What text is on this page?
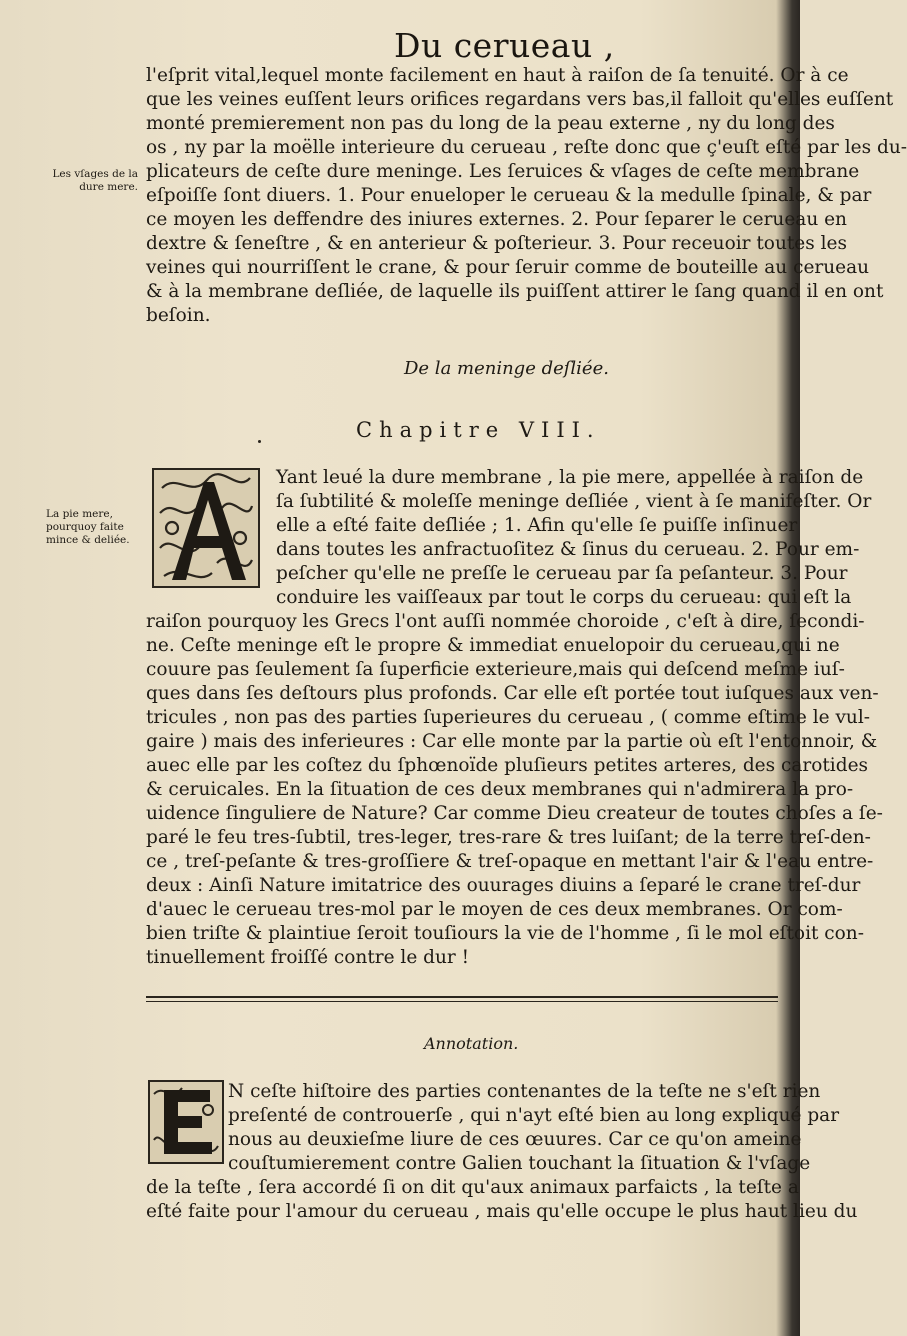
Du cerueau ,
Les vſages de la dure mere.
La pie mere, pourquoy faite mince & deliée.
l'eſprit vital,lequel monte facilement en haut à raiſon de ſa tenuité. Or à ce
que les veines euſſent leurs orifices regardans vers bas,il falloit qu'elles euſſent
monté premierement non pas du long de la peau externe , ny du long des
os , ny par la moëlle interieure du cerueau , reſte donc que ç'euſt eſté par les du-
plicateurs de ceſte dure meninge. Les ſeruices & vſages de ceſte membrane
eſpoiſſe ſont diuers. 1. Pour enueloper le cerueau & la medulle ſpinale, & par
ce moyen les deffendre des iniures externes. 2. Pour ſeparer le cerueau en
dextre & ſeneſtre , & en anterieur & poſterieur. 3. Pour receuoir toutes les
veines qui nourriſſent le crane, & pour ſeruir comme de bouteille au cerueau
& à la membrane deſliée, de laquelle ils puiſſent attirer le ſang quand il en ont
beſoin.
De la meninge deſliée.
Chapitre VIII.
Yant leué la dure membrane , la pie mere, appellée à raiſon de
ſa ſubtilité & moleſſe meninge deſliée , vient à ſe manifeſter. Or
elle a eſté faite deſliée ; 1. Afin qu'elle ſe puiſſe inſinuer
dans toutes les anfractuoſitez & ſinus du cerueau. 2. Pour em-
peſcher qu'elle ne preſſe le cerueau par ſa peſanteur. 3. Pour
conduire les vaiſſeaux par tout le corps du cerueau: qui eſt la
raiſon pourquoy les Grecs l'ont auſſi nommée choroide , c'eſt à dire, ſecondi-
ne. Ceſte meninge eſt le propre & immediat enuelopoir du cerueau,qui ne
couure pas ſeulement ſa ſuperficie exterieure,mais qui deſcend meſme iuſ-
ques dans ſes deſtours plus profonds. Car elle eſt portée tout iuſques aux ven-
tricules , non pas des parties ſuperieures du cerueau , ( comme eſtime le vul-
gaire ) mais des inferieures : Car elle monte par la partie où eſt l'entonnoir, &
auec elle par les coſtez du ſphœnoïde pluſieurs petites arteres, des carotides
& ceruicales. En la ſituation de ces deux membranes qui n'admirera la pro-
uidence ſinguliere de Nature? Car comme Dieu createur de toutes choſes a ſe-
paré le feu tres-ſubtil, tres-leger, tres-rare & tres luiſant; de la terre treſ-den-
ce , treſ-peſante & tres-groſſiere & treſ-opaque en mettant l'air & l'eau entre-
deux : Ainſi Nature imitatrice des ouurages diuins a ſeparé le crane treſ-dur
d'auec le cerueau tres-mol par le moyen de ces deux membranes. Or com-
bien triſte & plaintiue ſeroit touſiours la vie de l'homme , ſi le mol eſtoit con-
tinuellement froiſſé contre le dur !
Annotation.
N ceſte hiſtoire des parties contenantes de la teſte ne s'eſt rien
preſenté de controuerſe , qui n'ayt eſté bien au long expliqué par
nous au deuxieſme liure de ces œuures. Car ce qu'on ameine
couſtumierement contre Galien touchant la ſituation & l'vſage
de la teſte , ſera accordé ſi on dit qu'aux animaux parfaicts , la teſte a
eſté faite pour l'amour du cerueau , mais qu'elle occupe le plus haut lieu du
